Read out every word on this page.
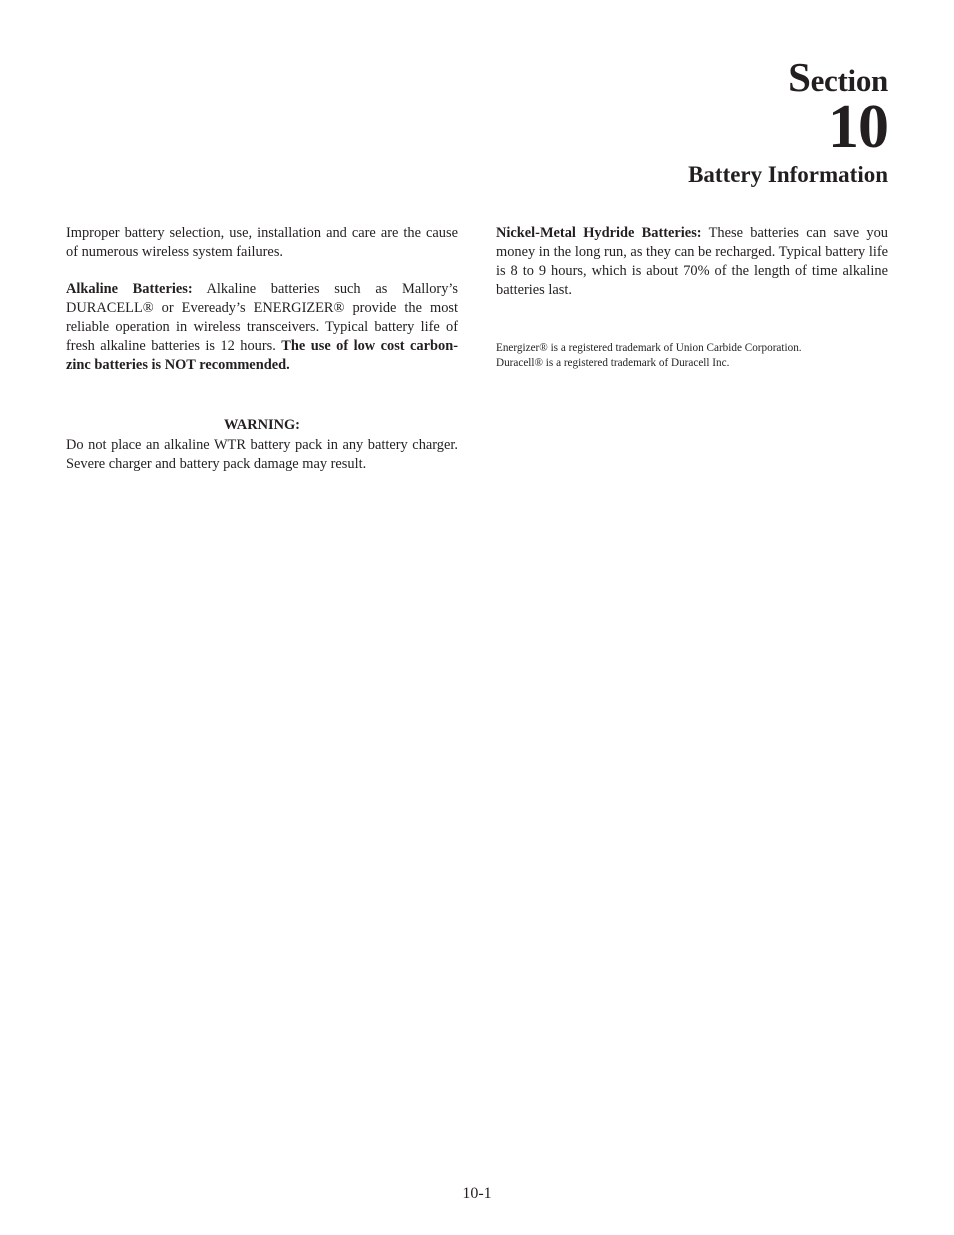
Section
10
Battery Information

Improper battery selection, use, installation and care are the cause of numerous wireless system failures.

Alkaline Batteries: Alkaline batteries such as Mallory’s DURACELL® or Eveready’s ENERGIZER® provide the most reliable operation in wireless transceivers. Typical battery life of fresh alkaline batteries is 12 hours. The use of low cost carbon-zinc batteries is NOT recommended.

WARNING:

Do not place an alkaline WTR battery pack in any battery charger. Severe charger and battery pack damage may result.

Nickel-Metal Hydride Batteries: These batteries can save you money in the long run, as they can be recharged. Typical battery life is 8 to 9 hours, which is about 70% of the length of time alkaline batteries last.

Energizer® is a registered trademark of Union Carbide Corporation.
Duracell® is a registered trademark of Duracell Inc.
10-1
